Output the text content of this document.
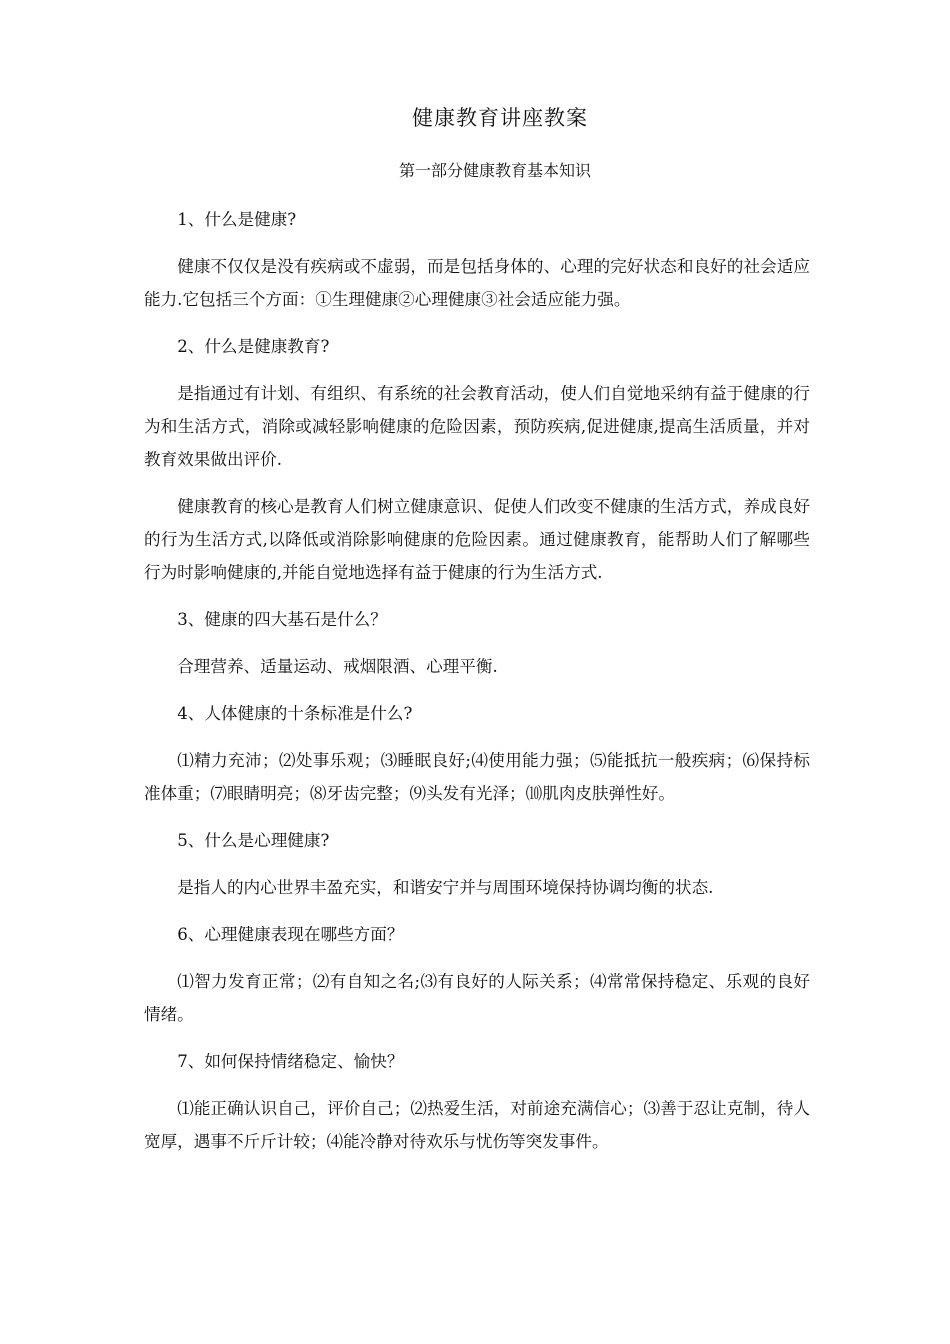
健康教育讲座教案
第一部分健康教育基本知识

1、什么是健康?

健康不仅仅是没有疾病或不虚弱，而是包括身体的、心理的完好状态和良好的社会适应能力.它包括三个方面：①生理健康②心理健康③社会适应能力强。

2、什么是健康教育?

是指通过有计划、有组织、有系统的社会教育活动，使人们自觉地采纳有益于健康的行为和生活方式，消除或减轻影响健康的危险因素，预防疾病,促进健康,提高生活质量，并对教育效果做出评价.

健康教育的核心是教育人们树立健康意识、促使人们改变不健康的生活方式，养成良好的行为生活方式,以降低或消除影响健康的危险因素。通过健康教育，能帮助人们了解哪些行为时影响健康的,并能自觉地选择有益于健康的行为生活方式.

3、健康的四大基石是什么？

合理营养、适量运动、戒烟限酒、心理平衡.

4、人体健康的十条标准是什么?

⑴精力充沛；⑵处事乐观；⑶睡眠良好;⑷使用能力强；⑸能抵抗一般疾病；⑹保持标准体重；⑺眼睛明亮；⑻牙齿完整；⑼头发有光泽；⑽肌肉皮肤弹性好。

5、什么是心理健康?

是指人的内心世界丰盈充实，和谐安宁并与周围环境保持协调均衡的状态.

6、心理健康表现在哪些方面？

⑴智力发育正常；⑵有自知之名;⑶有良好的人际关系；⑷常常保持稳定、乐观的良好情绪。

7、如何保持情绪稳定、愉快？

⑴能正确认识自己，评价自己；⑵热爱生活，对前途充满信心；⑶善于忍让克制，待人宽厚，遇事不斤斤计较；⑷能冷静对待欢乐与忧伤等突发事件。
